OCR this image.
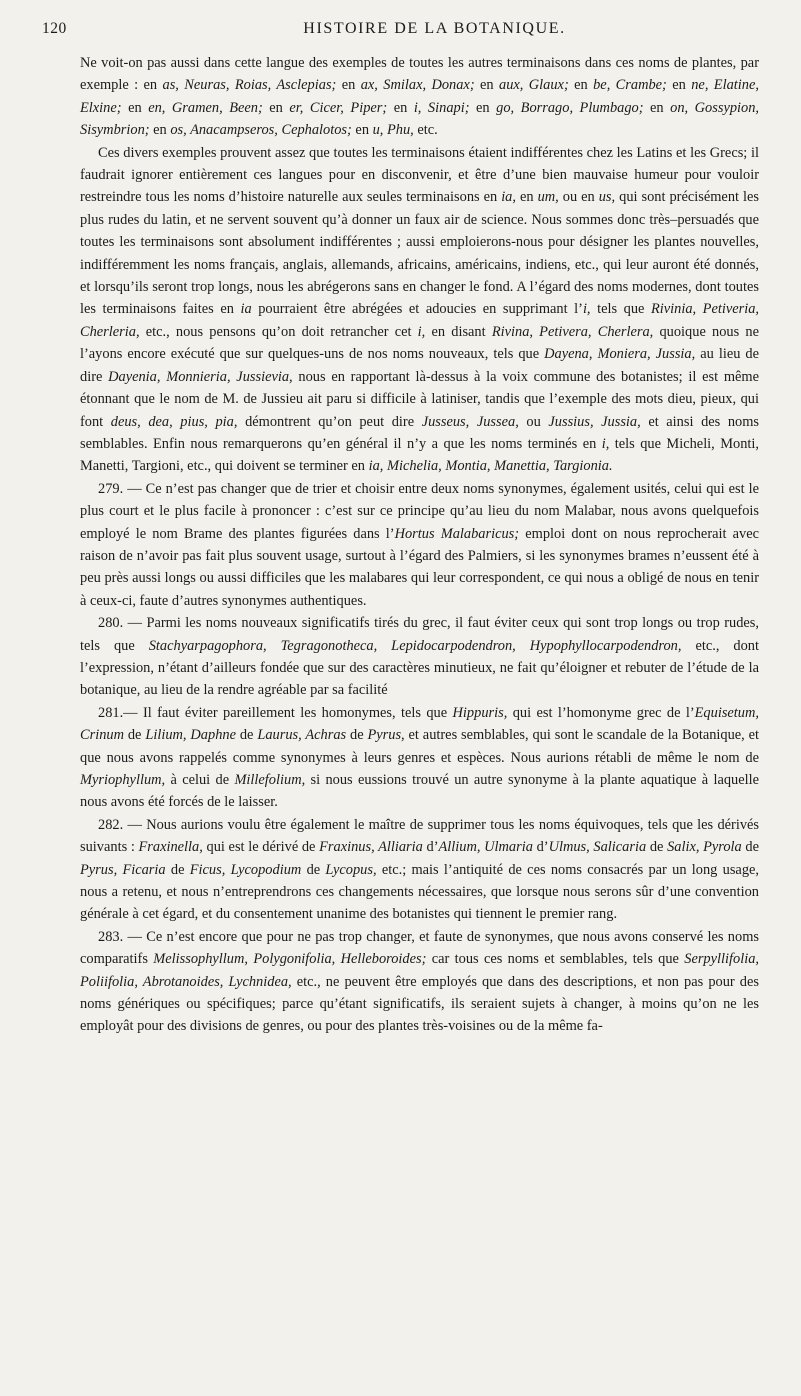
120	HISTOIRE DE LA BOTANIQUE.

Ne voit-on pas aussi dans cette langue des exemples de toutes les autres terminaisons dans ces noms de plantes, par exemple : en as, Neuras, Roias, Asclepias; en ax, Smilax, Donax; en aux, Glaux; en be, Crambe; en ne, Elatine, Elxine; en en, Gramen, Been; en er, Cicer, Piper; en i, Sinapi; en go, Borrago, Plumbago; en on, Gossypion, Sisymbrion; en os, Anacampseros, Cephalotos; en u, Phu, etc.

Ces divers exemples prouvent assez que toutes les terminaisons étaient indifférentes chez les Latins et les Grecs; il faudrait ignorer entièrement ces langues pour en disconvenir, et être d’une bien mauvaise humeur pour vouloir restreindre tous les noms d’histoire naturelle aux seules terminaisons en ia, en um, ou en us, qui sont précisément les plus rudes du latin, et ne servent souvent qu’à donner un faux air de science. Nous sommes donc très–persuadés que toutes les terminaisons sont absolument indifférentes ; aussi emploierons-nous pour désigner les plantes nouvelles, indifféremment les noms français, anglais, allemands, africains, américains, indiens, etc., qui leur auront été donnés, et lorsqu’ils seront trop longs, nous les abrégerons sans en changer le fond. A l’égard des noms modernes, dont toutes les terminaisons faites en ia pourraient être abrégées et adoucies en supprimant l’i, tels que Rivinia, Petiveria, Cherleria, etc., nous pensons qu’on doit retrancher cet i, en disant Rivina, Petivera, Cherlera, quoique nous ne l’ayons encore exécuté que sur quelques-uns de nos noms nouveaux, tels que Dayena, Moniera, Jussia, au lieu de dire Dayenia, Monnieria, Jussievia, nous en rapportant là-dessus à la voix commune des botanistes; il est même étonnant que le nom de M. de Jussieu ait paru si difficile à latiniser, tandis que l’exemple des mots dieu, pieux, qui font deus, dea, pius, pia, démontrent qu’on peut dire Jusseus, Jussea, ou Jussius, Jussia, et ainsi des noms semblables. Enfin nous remarquerons qu’en général il n’y a que les noms terminés en i, tels que Micheli, Monti, Manetti, Targioni, etc., qui doivent se terminer en ia, Michelia, Montia, Manettia, Targionia.

279. — Ce n’est pas changer que de trier et choisir entre deux noms synonymes, également usités, celui qui est le plus court et le plus facile à prononcer : c’est sur ce principe qu’au lieu du nom Malabar, nous avons quelquefois employé le nom Brame des plantes figurées dans l’Hortus Malabaricus; emploi dont on nous reprocherait avec raison de n’avoir pas fait plus souvent usage, surtout à l’égard des Palmiers, si les synonymes brames n’eussent été à peu près aussi longs ou aussi difficiles que les malabares qui leur correspondent, ce qui nous a obligé de nous en tenir à ceux-ci, faute d’autres synonymes authentiques.

280. — Parmi les noms nouveaux significatifs tirés du grec, il faut éviter ceux qui sont trop longs ou trop rudes, tels que Stachyarpagophora, Tegragonotheca, Lepidocarpodendron, Hypophyllocarpodendron, etc., dont l’expression, n’étant d’ailleurs fondée que sur des caractères minutieux, ne fait qu’éloigner et rebuter de l’étude de la botanique, au lieu de la rendre agréable par sa facilité

281.— Il faut éviter pareillement les homonymes, tels que Hippuris, qui est l’homonyme grec de l’Equisetum, Crinum de Lilium, Daphne de Laurus, Achras de Pyrus, et autres semblables, qui sont le scandale de la Botanique, et que nous avons rappelés comme synonymes à leurs genres et espèces. Nous aurions rétabli de même le nom de Myriophyllum, à celui de Millefolium, si nous eussions trouvé un autre synonyme à la plante aquatique à laquelle nous avons été forcés de le laisser.

282. — Nous aurions voulu être également le maître de supprimer tous les noms équivoques, tels que les dérivés suivants : Fraxinella, qui est le dérivé de Fraxinus, Alliaria d’Allium, Ulmaria d’Ulmus, Salicaria de Salix, Pyrola de Pyrus, Ficaria de Ficus, Lycopodium de Lycopus, etc.; mais l’antiquité de ces noms consacrés par un long usage, nous a retenu, et nous n’entreprendrons ces changements nécessaires, que lorsque nous serons sûr d’une convention générale à cet égard, et du consentement unanime des botanistes qui tiennent le premier rang.

283. — Ce n’est encore que pour ne pas trop changer, et faute de synonymes, que nous avons conservé les noms comparatifs Melissophyllum, Polygonifolia, Helleboroides; car tous ces noms et semblables, tels que Serpyllifolia, Poliifolia, Abrotanoides, Lychnidea, etc., ne peuvent être employés que dans des descriptions, et non pas pour des noms génériques ou spécifiques; parce qu’étant significatifs, ils seraient sujets à changer, à moins qu’on ne les employât pour des divisions de genres, ou pour des plantes très-voisines ou de la même fa-
